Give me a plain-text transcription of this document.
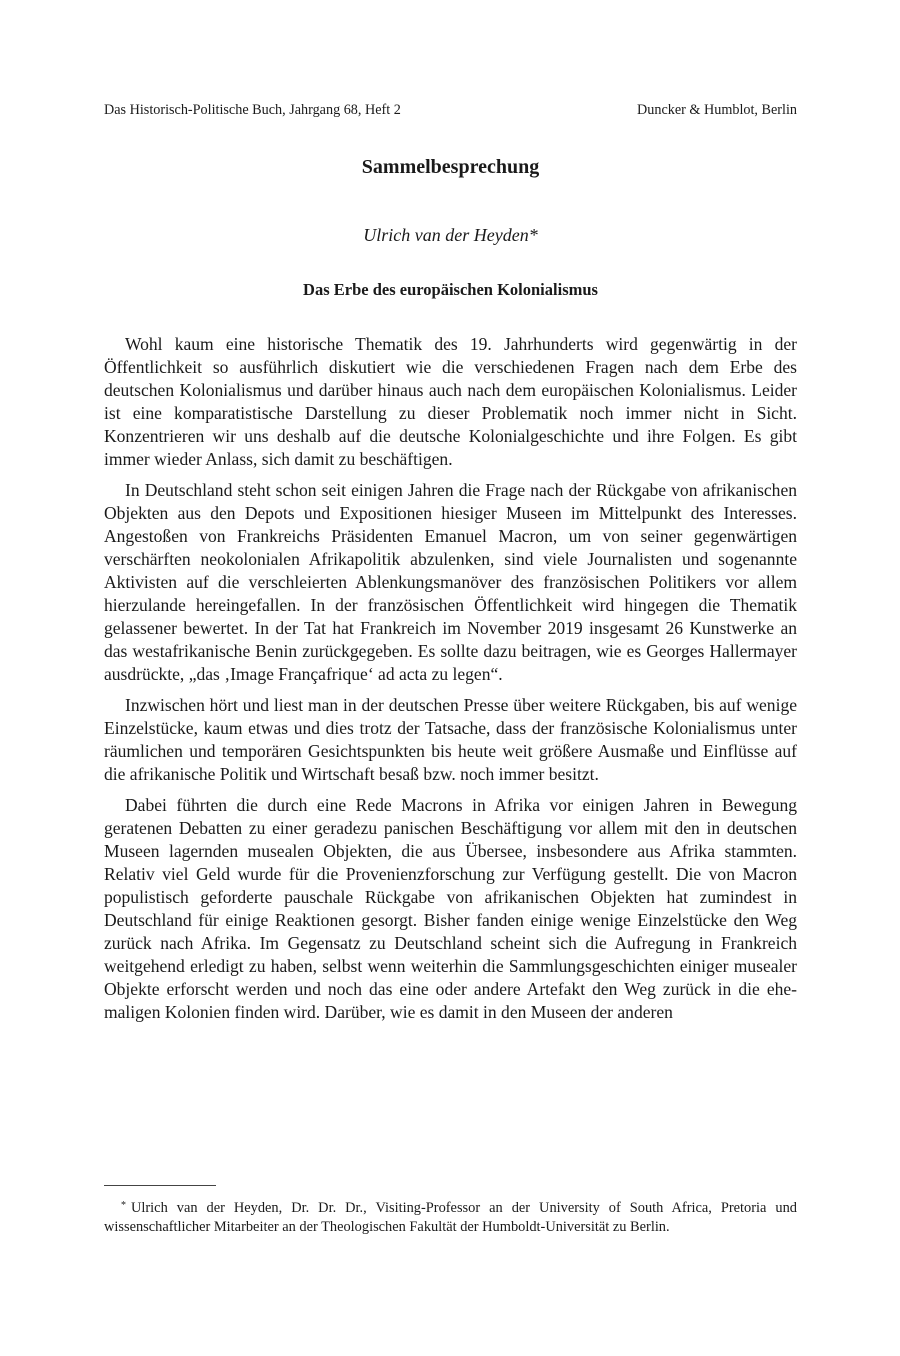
Das Historisch-Politische Buch, Jahrgang 68, Heft 2	Duncker & Humblot, Berlin
Sammelbesprechung
Ulrich van der Heyden*
Das Erbe des europäischen Kolonialismus

Wohl kaum eine historische Thematik des 19. Jahrhunderts wird gegenwärtig in der Öffentlichkeit so ausführlich diskutiert wie die verschiedenen Fragen nach dem Erbe des deutschen Kolonialismus und darüber hinaus auch nach dem europäischen Kolonialismus. Leider ist eine komparatistische Darstellung zu dieser Problematik noch immer nicht in Sicht. Konzentrieren wir uns deshalb auf die deutsche Kolonialgeschichte und ihre Folgen. Es gibt immer wieder Anlass, sich damit zu beschäftigen.

In Deutschland steht schon seit einigen Jahren die Frage nach der Rückgabe von afrikanischen Objekten aus den Depots und Expositionen hiesiger Museen im Mittelpunkt des Interesses. Angestoßen von Frankreichs Präsidenten Emanuel Macron, um von seiner gegenwärtigen verschärften neokolonialen Afrikapolitik abzulenken, sind viele Journalisten und sogenannte Aktivisten auf die verschleierten Ablenkungsmanöver des französischen Politikers vor allem hierzulande hereingefallen. In der französischen Öffentlichkeit wird hingegen die Thematik gelassener bewertet. In der Tat hat Frankreich im November 2019 insgesamt 26 Kunstwerke an das westafrikanische Benin zurückgegeben. Es sollte dazu beitragen, wie es Georges Hallermayer ausdrückte, „das ‚Image Françafrique‘ ad acta zu legen“.

Inzwischen hört und liest man in der deutschen Presse über weitere Rückgaben, bis auf wenige Einzelstücke, kaum etwas und dies trotz der Tatsache, dass der französische Kolonialismus unter räumlichen und temporären Gesichtspunkten bis heute weit größere Ausmaße und Einflüsse auf die afrikanische Politik und Wirtschaft besaß bzw. noch immer besitzt.

Dabei führten die durch eine Rede Macrons in Afrika vor einigen Jahren in Bewegung geratenen Debatten zu einer geradezu panischen Beschäftigung vor allem mit den in deutschen Museen lagernden musealen Objekten, die aus Übersee, insbesondere aus Afrika stammten. Relativ viel Geld wurde für die Provenienzforschung zur Verfügung gestellt. Die von Macron populistisch geforderte pauschale Rückgabe von afrikanischen Objekten hat zumindest in Deutschland für einige Reaktionen gesorgt. Bisher fanden einige wenige Einzelstücke den Weg zurück nach Afrika. Im Gegensatz zu Deutschland scheint sich die Aufregung in Frankreich weitgehend erledigt zu haben, selbst wenn weiterhin die Sammlungsgeschichten einiger musealer Objekte erforscht werden und noch das eine oder andere Artefakt den Weg zurück in die ehemaligen Kolonien finden wird. Darüber, wie es damit in den Museen der anderen

* Ulrich van der Heyden, Dr. Dr. Dr., Visiting-Professor an der University of South Africa, Pretoria und wissenschaftlicher Mitarbeiter an der Theologischen Fakultät der Humboldt-Universität zu Berlin.
